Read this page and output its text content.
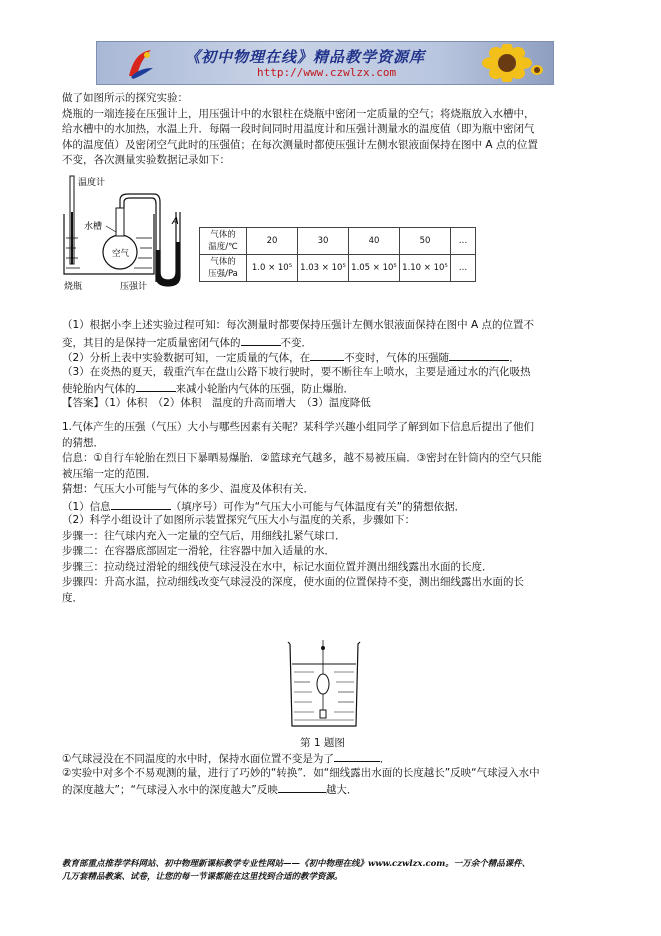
《初中物理在线》精品教学资源库
http://www.czwlzx.com
做了如图所示的探究实验：
烧瓶的一端连接在压强计上，用压强计中的水银柱在烧瓶中密闭一定质量的空气；将烧瓶放入水槽中，
给水槽中的水加热，水温上升．每隔一段时间同时用温度计和压强计测量水的温度值（即为瓶中密闭气
体的温度值）及密闭空气此时的压强值；在每次测量时都使压强计左侧水银液面保持在图中 A 点的位置
不变，各次测量实验数据记录如下：
温度计
水槽
空气
A
烧瓶	压强计
气体的
温度/℃	20	30	40	50	…

气体的
压强/Pa	1.0 × 10⁵	1.03 × 10⁵	1.05 × 10⁵	1.10 × 10⁵	…
（1）根据小李上述实验过程可知：每次测量时都要保持压强计左侧水银液面保持在图中 A 点的位置不
变，其目的是保持一定质量密闭气体的	不变．
（2）分析上表中实验数据可知，一定质量的气体，在	不变时，气体的压强随	．
（3）在炎热的夏天，载重汽车在盘山公路下坡行驶时，要不断往车上喷水，主要是通过水的汽化吸热
使轮胎内气体的	来减小轮胎内气体的压强，防止爆胎．
【答案】（1）体积　（2）体积　温度的升高而增大　（3）温度降低
1.气体产生的压强（气压）大小与哪些因素有关呢？某科学兴趣小组同学了解到如下信息后提出了他们
的猜想．
信息：①自行车轮胎在烈日下暴晒易爆胎．②篮球充气越多，越不易被压扁．③密封在针筒内的空气只能
被压缩一定的范围．
猜想：气压大小可能与气体的多少、温度及体积有关．
（1）信息	（填序号）可作为“气压大小可能与气体温度有关”的猜想依据．
（2）科学小组设计了如图所示装置探究气压大小与温度的关系，步骤如下：
步骤一：往气球内充入一定量的空气后，用细线扎紧气球口．
步骤二：在容器底部固定一滑轮，往容器中加入适量的水．
步骤三：拉动绕过滑轮的细线使气球浸没在水中，标记水面位置并测出细线露出水面的长度．
步骤四：升高水温，拉动细线改变气球浸没的深度，使水面的位置保持不变，测出细线露出水面的长
度．
第 1 题图
①气球浸没在不同温度的水中时，保持水面位置不变是为了	．
②实验中对多个不易观测的量，进行了巧妙的“转换”．如“细线露出水面的长度越长”反映“气球浸入水中
的深度越大”；“气球浸入水中的深度越大”反映	越大．
教育部重点推荐学科网站、初中物理新课标教学专业性网站——《初中物理在线》www.czwlzx.com。一万余个精品课件、
几万套精品教案、试卷，让您的每一节课都能在这里找到合适的教学资源。
